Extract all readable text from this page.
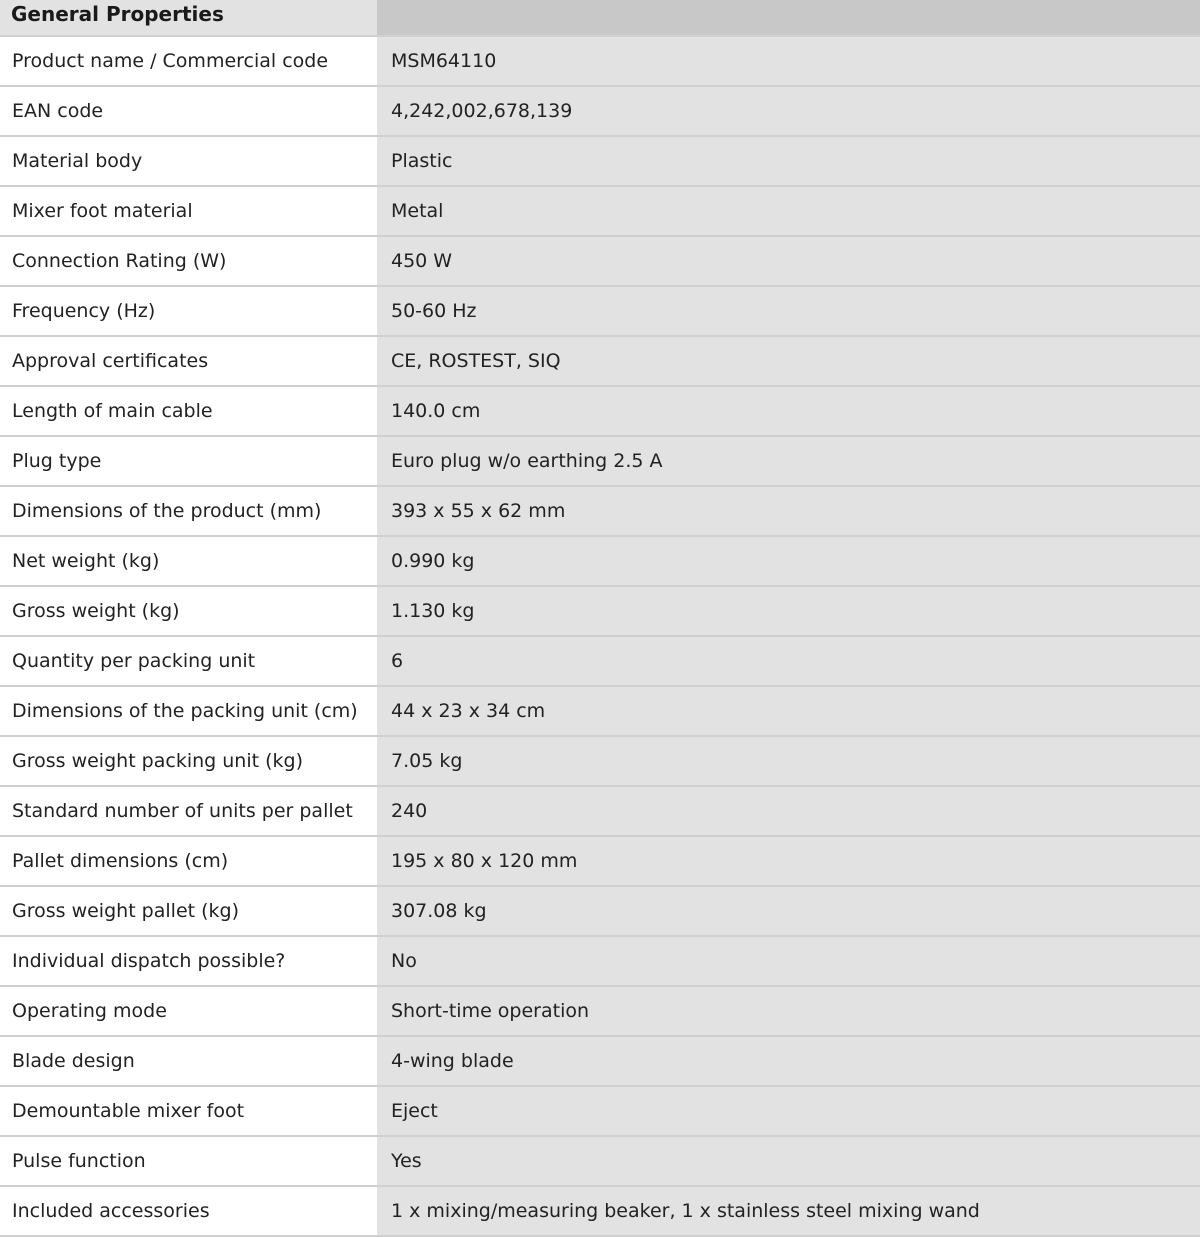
General Properties
Product name / Commercial code	MSM64110
EAN code	4,242,002,678,139
Material body	Plastic
Mixer foot material	Metal
Connection Rating (W)	450 W
Frequency (Hz)	50-60 Hz
Approval certificates	CE, ROSTEST, SIQ
Length of main cable	140.0 cm
Plug type	Euro plug w/o earthing 2.5 A
Dimensions of the product (mm)	393 x 55 x 62 mm
Net weight (kg)	0.990 kg
Gross weight (kg)	1.130 kg
Quantity per packing unit	6
Dimensions of the packing unit (cm)	44 x 23 x 34 cm
Gross weight packing unit (kg)	7.05 kg
Standard number of units per pallet	240
Pallet dimensions (cm)	195 x 80 x 120 mm
Gross weight pallet (kg)	307.08 kg
Individual dispatch possible?	No
Operating mode	Short-time operation
Blade design	4-wing blade
Demountable mixer foot	Eject
Pulse function	Yes
Included accessories	1 x mixing/measuring beaker, 1 x stainless steel mixing wand
